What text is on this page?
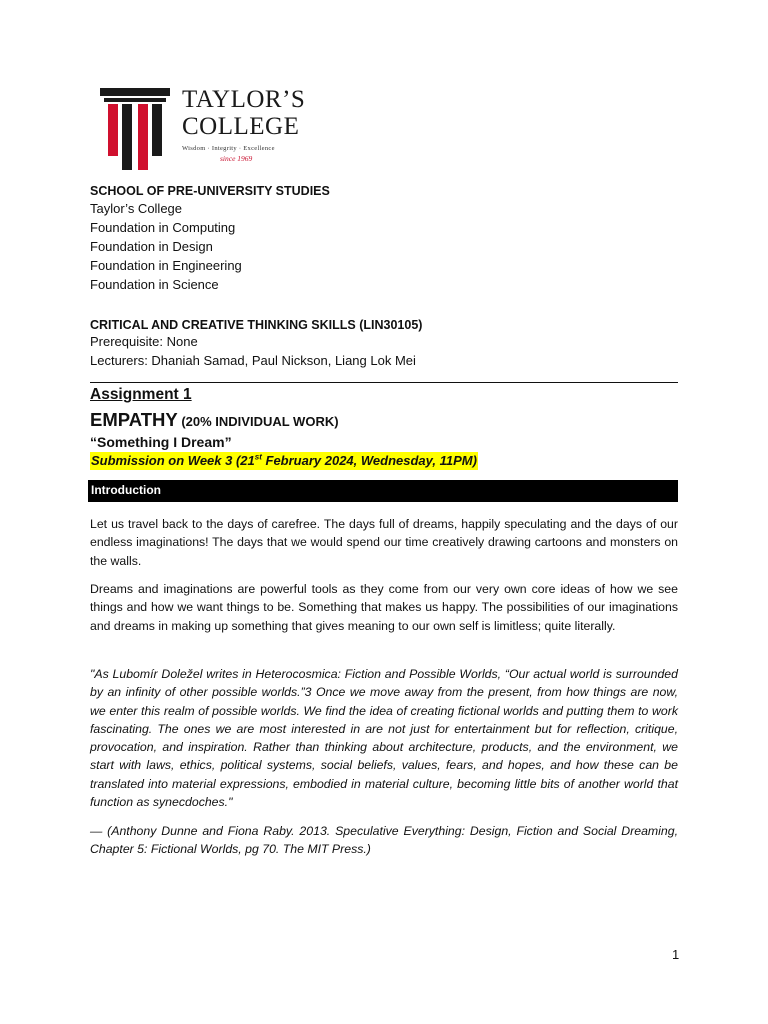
TAYLOR’S
COLLEGE
Wisdom · Integrity · Excellence
since 1969
SCHOOL OF PRE-UNIVERSITY STUDIES
Taylor’s College
Foundation in Computing
Foundation in Design
Foundation in Engineering
Foundation in Science
CRITICAL AND CREATIVE THINKING SKILLS (LIN30105)
Prerequisite: None
Lecturers: Dhaniah Samad, Paul Nickson, Liang Lok Mei
Assignment 1
EMPATHY (20% INDIVIDUAL WORK)
“Something I Dream”
Submission on Week 3 (21st February 2024, Wednesday, 11PM)
Introduction

Let us travel back to the days of carefree. The days full of dreams, happily speculating and the days of our endless imaginations! The days that we would spend our time creatively drawing cartoons and monsters on the walls.

Dreams and imaginations are powerful tools as they come from our very own core ideas of how we see things and how we want things to be. Something that makes us happy. The possibilities of our imaginations and dreams in making up something that gives meaning to our own self is limitless; quite literally.

"As Lubomír Doležel writes in Heterocosmica: Fiction and Possible Worlds, “Our actual world is surrounded by an infinity of other possible worlds.”3 Once we move away from the present, from how things are now, we enter this realm of possible worlds. We find the idea of creating fictional worlds and putting them to work fascinating. The ones we are most interested in are not just for entertainment but for reflection, critique, provocation, and inspiration. Rather than thinking about architecture, products, and the environment, we start with laws, ethics, political systems, social beliefs, values, fears, and hopes, and how these can be translated into material expressions, embodied in material culture, becoming little bits of another world that function as synecdoches."

— (Anthony Dunne and Fiona Raby. 2013. Speculative Everything: Design, Fiction and Social Dreaming, Chapter 5: Fictional Worlds, pg 70. The MIT Press.)

1
